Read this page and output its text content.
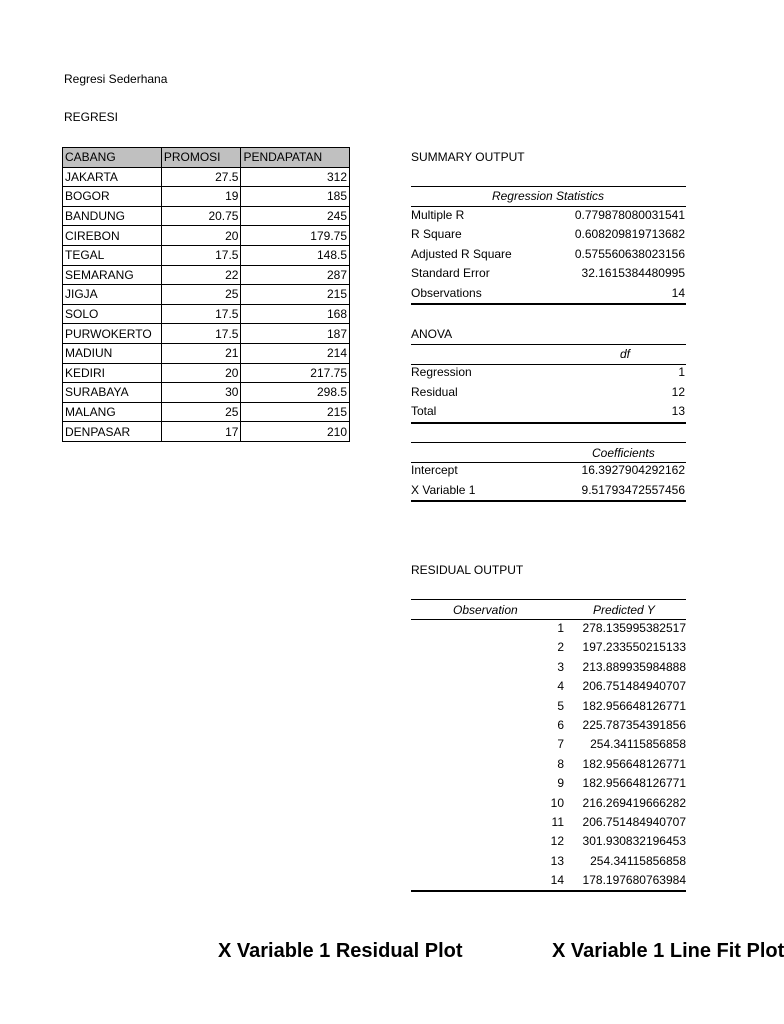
Regresi Sederhana
REGRESI
CABANG	PROMOSI	PENDAPATAN
JAKARTA	27.5	312
BOGOR	19	185
BANDUNG	20.75	245
CIREBON	20	179.75
TEGAL	17.5	148.5
SEMARANG	22	287
JIGJA	25	215
SOLO	17.5	168
PURWOKERTO	17.5	187
MADIUN	21	214
KEDIRI	20	217.75
SURABAYA	30	298.5
MALANG	25	215
DENPASAR	17	210
SUMMARY OUTPUT
Regression Statistics
Multiple R	0.779878080031541
R Square	0.608209819713682
Adjusted R Square	0.575560638023156
Standard Error	32.1615384480995
Observations	14
ANOVA
df
Regression	1
Residual	12
Total	13
Coefficients
Intercept	16.3927904292162
X Variable 1	9.51793472557456
RESIDUAL OUTPUT
Observation	Predicted Y
1 278.135995382517
2 197.233550215133
3 213.889935984888
4 206.751484940707
5 182.956648126771
6 225.787354391856
7 254.34115856858
8 182.956648126771
9 182.956648126771
10 216.269419666282
11 206.751484940707
12 301.930832196453
13 254.34115856858
14 178.197680763984
X Variable 1 Residual Plot	X Variable 1 Line Fit Plot
